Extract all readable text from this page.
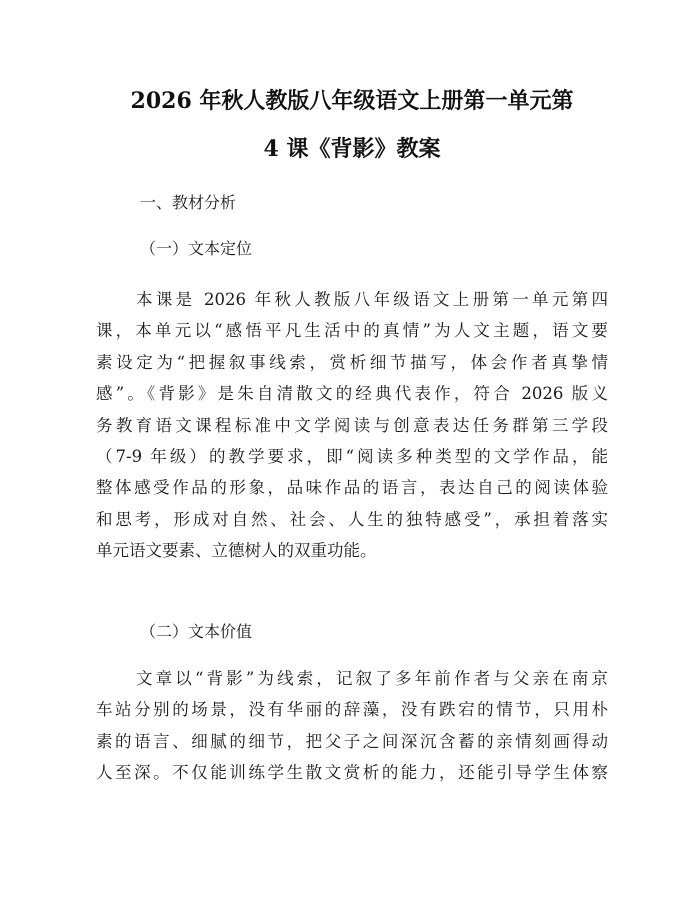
2026 年秋人教版八年级语文上册第一单元第
4 课《背影》教案
一、教材分析
（一）文本定位
本课是 2026 年秋人教版八年级语文上册第一单元第四
课，本单元以“感悟平凡生活中的真情”为人文主题，语文要
素设定为“把握叙事线索，赏析细节描写，体会作者真挚情
感”。《背影》是朱自清散文的经典代表作，符合 2026 版义
务教育语文课程标准中文学阅读与创意表达任务群第三学段
（7-9 年级）的教学要求，即“阅读多种类型的文学作品，能
整体感受作品的形象，品味作品的语言，表达自己的阅读体验
和思考，形成对自然、社会、人生的独特感受”，承担着落实
单元语文要素、立德树人的双重功能。
（二）文本价值
文章以“背影”为线索，记叙了多年前作者与父亲在南京
车站分别的场景，没有华丽的辞藻，没有跌宕的情节，只用朴
素的语言、细腻的细节，把父子之间深沉含蓄的亲情刻画得动
人至深。不仅能训练学生散文赏析的能力，还能引导学生体察
